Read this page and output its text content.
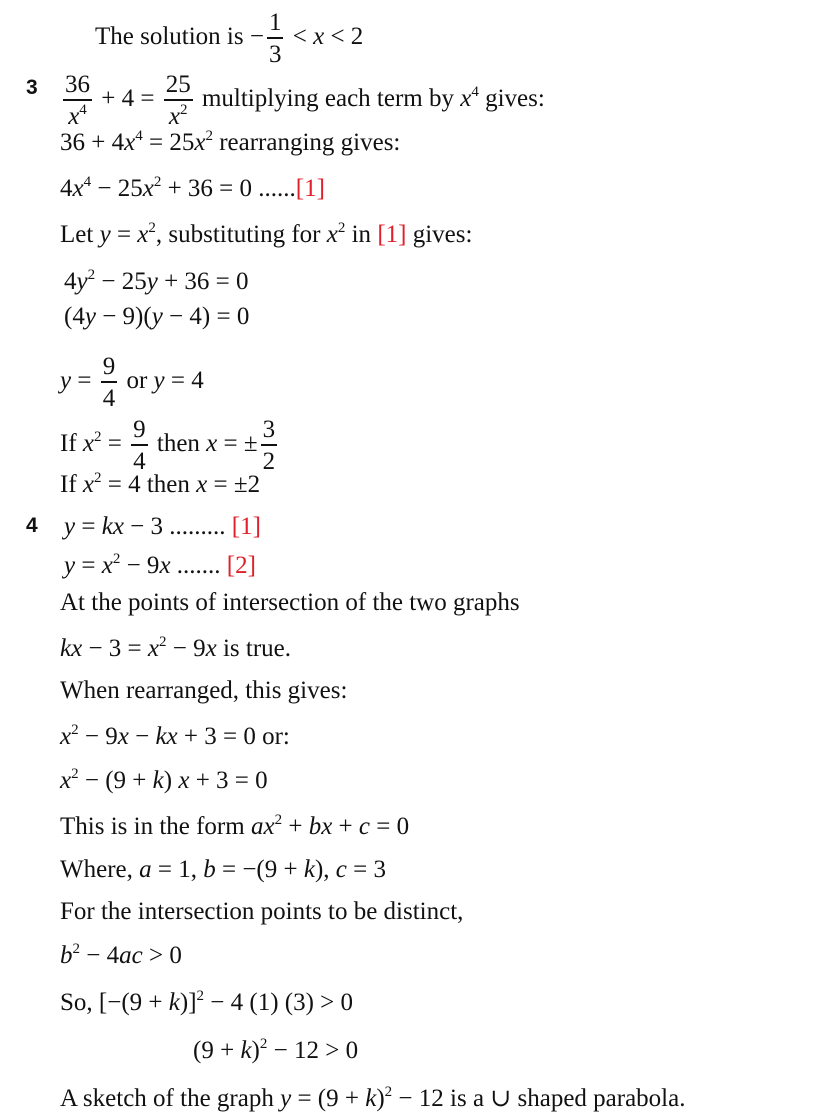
The solution is − $\frac{1}{3} < x < 2$
$3 \frac{36}{x^4} + 4 = \frac{25}{x^2}$ multiplying each term by $x^4$ gives:
$36 + 4x^4 = 25x^2$ rearranging gives:
$4x^4 - 25x^2 + 36 = 0$ ......[1]
Let $y = x^2$, substituting for $x^2$ in [1] gives:
$4y^2 - 25y + 36 = 0$
(4y − 9)(y − 4) = 0
$y = \frac{9}{4}$ or y = 4
If $x^2 = \frac{9}{4}$ then x = ± $\frac{3}{2}$
If $x^2 = 4$ then x = ±2
4 y = kx − 3 ......... [1]
$y = x^2 - 9x$ ....... [2]
At the points of intersection of the two graphs
kx − $3 = x^2 - 9x$ is true.
When rearranged, this gives:
$x^2 - 9x$ − kx + 3 = 0 or:
$x^2 - (9 + k) x + 3 = 0$
This is in the form $ax^2$ + bx + c = 0
Where, a = 1, b = −(9 + k), c = 3
For the intersection points to be distinct,
$b^2 - 4ac > 0$
So, $[-(9 + k)]^2 - 4$ (1) (3) > 0
$(9 + k)^2 - 12 > 0$
A sketch of the graph $y = (9 + k)^2 - 12$ is a ∪ shaped parabola.
